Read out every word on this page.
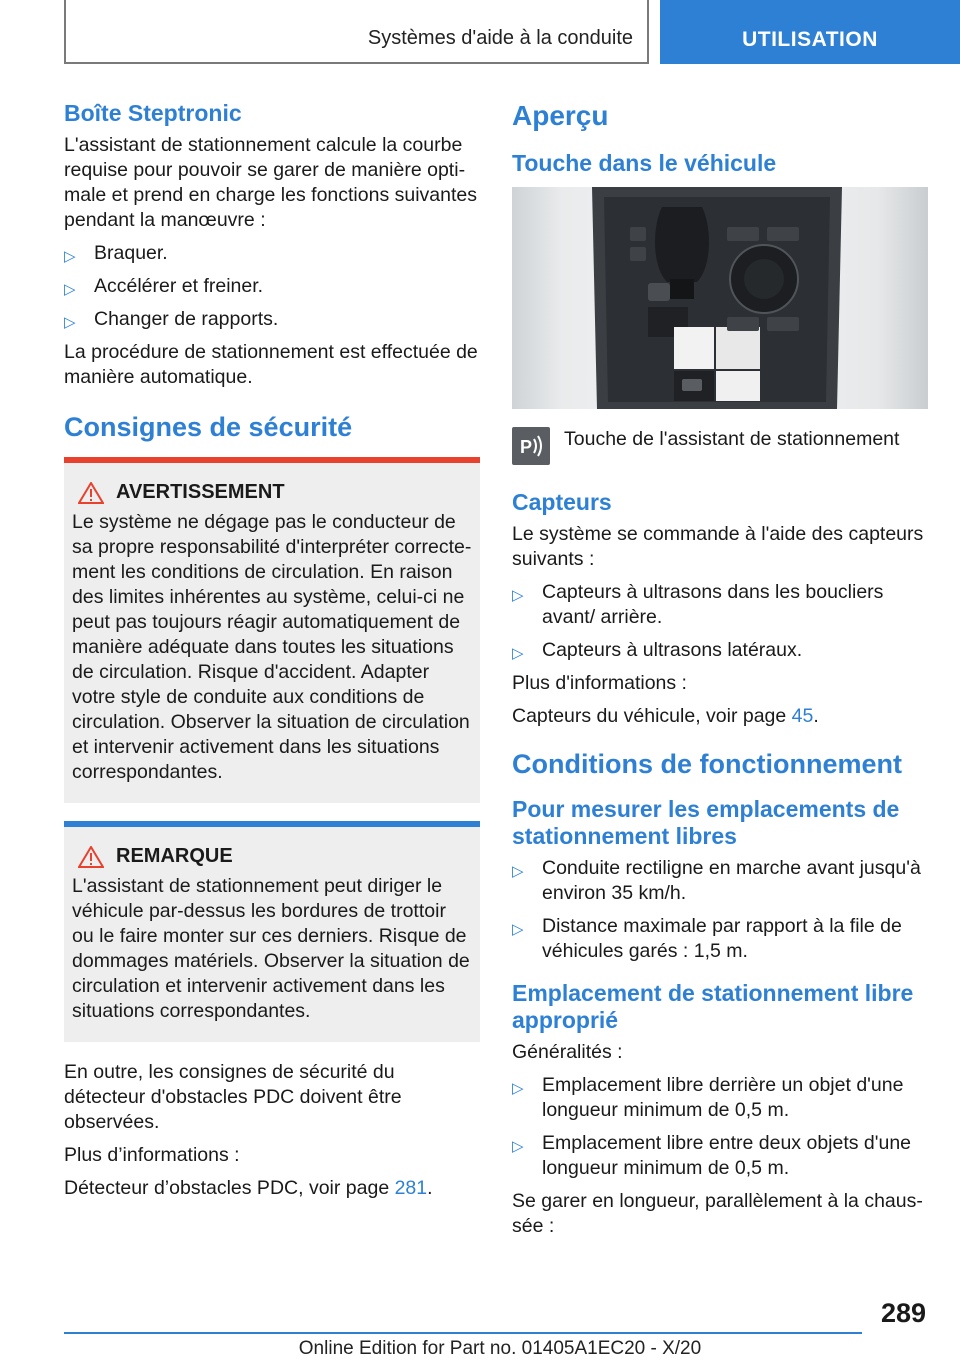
Systèmes d'aide à la conduite	UTILISATION
Boîte Steptronic
L'assistant de stationnement calcule la courbe requise pour pouvoir se garer de manière optimale et prend en charge les fonctions suivantes pendant la manœuvre :
▷ Braquer.
▷ Accélérer et freiner.
▷ Changer de rapports.
La procédure de stationnement est effectuée de manière automatique.
Consignes de sécurité
AVERTISSEMENT
Le système ne dégage pas le conducteur de sa propre responsabilité d'interpréter correctement les conditions de circulation. En raison des limites inhérentes au système, celui-ci ne peut pas toujours réagir automatiquement de manière adéquate dans toutes les situations de circulation. Risque d'accident. Adapter votre style de conduite aux conditions de circulation. Observer la situation de circulation et intervenir activement dans les situations correspondantes.
REMARQUE
L'assistant de stationnement peut diriger le véhicule par-dessus les bordures de trottoir ou le faire monter sur ces derniers. Risque de dommages matériels. Observer la situation de circulation et intervenir activement dans les situations correspondantes.
En outre, les consignes de sécurité du détecteur d'obstacles PDC doivent être observées.
Plus d’informations :
Détecteur d’obstacles PDC, voir page 281.
Aperçu
Touche dans le véhicule
P Touche de l'assistant de stationnement
Capteurs
Le système se commande à l'aide des capteurs suivants :
▷ Capteurs à ultrasons dans les boucliers avant/ arrière.
▷ Capteurs à ultrasons latéraux.
Plus d'informations :
Capteurs du véhicule, voir page 45.
Conditions de fonctionnement
Pour mesurer les emplacements de stationnement libres
▷ Conduite rectiligne en marche avant jusqu'à environ 35 km/h.
▷ Distance maximale par rapport à la file de véhicules garés : 1,5 m.
Emplacement de stationnement libre approprié
Généralités :
▷ Emplacement libre derrière un objet d'une longueur minimum de 0,5 m.
▷ Emplacement libre entre deux objets d'une longueur minimum de 0,5 m.
Se garer en longueur, parallèlement à la chaussée :
289
Online Edition for Part no. 01405A1EC20 - X/20
